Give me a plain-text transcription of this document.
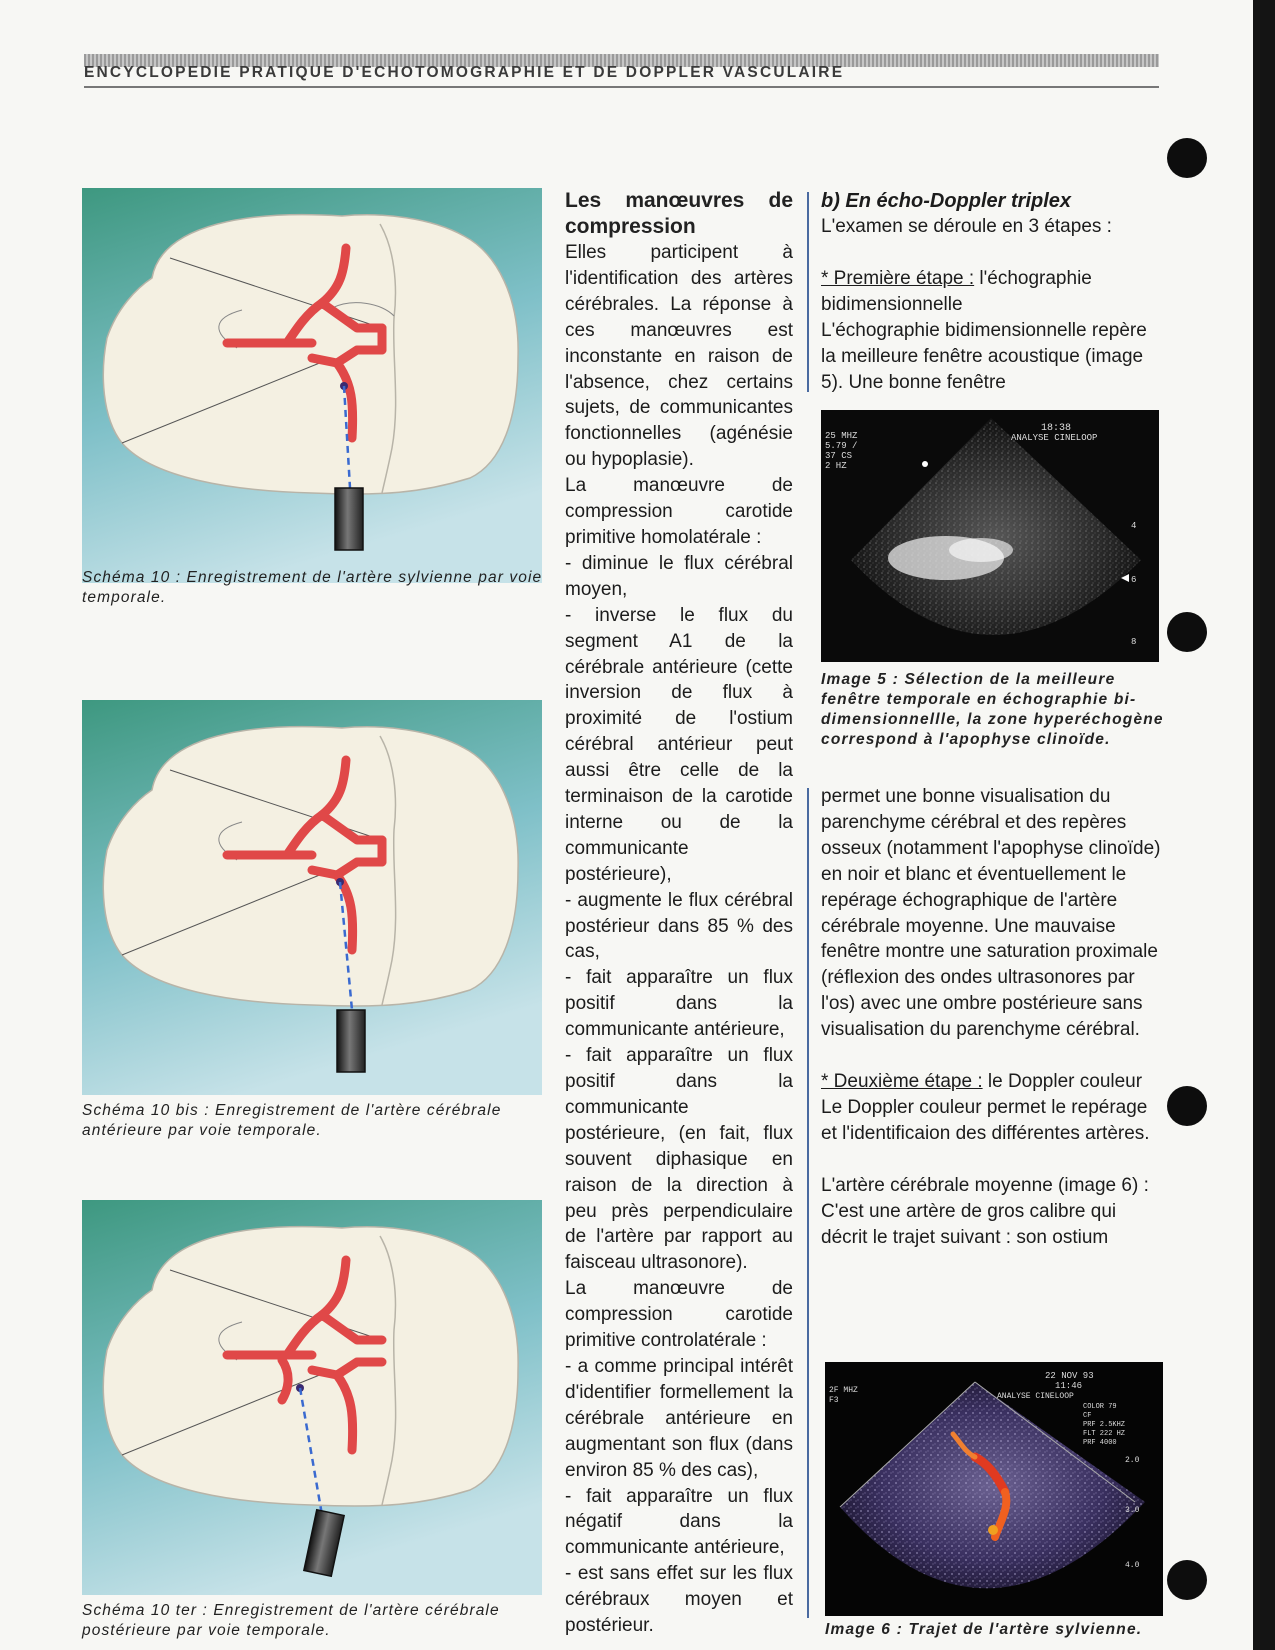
ENCYCLOPEDIE PRATIQUE D'ECHOTOMOGRAPHIE ET DE DOPPLER VASCULAIRE
Schéma 10 : Enregistrement de l'artère sylvienne par voie temporale.
Schéma 10 bis : Enregistrement de l'artère cérébrale antérieure par voie temporale.
Schéma 10 ter : Enregistrement de l'artère cérébrale postérieure par voie temporale.
Les manœuvres de compression

Elles participent à l'identification des artères cérébrales. La réponse à ces manœuvres est inconstante en raison de l'absence, chez certains sujets, de communicantes fonctionnelles (agénésie ou hypoplasie).

La manœuvre de compression carotide primitive homolatérale :

- diminue le flux cérébral moyen,

- inverse le flux du segment A1 de la cérébrale antérieure (cette inversion de flux à proximité de l'ostium cérébral antérieur peut aussi être celle de la terminaison de la carotide interne ou de la communicante postérieure),

- augmente le flux cérébral postérieur dans 85 % des cas,

- fait apparaître un flux positif dans la communicante antérieure,

- fait apparaître un flux positif dans la communicante postérieure, (en fait, flux souvent diphasique en raison de la direction à peu près perpendiculaire de l'artère par rapport au faisceau ultrasonore).

La manœuvre de compression carotide primitive controlatérale :

- a comme principal intérêt d'identifier formellement la cérébrale antérieure en augmentant son flux (dans environ 85 % des cas),

- fait apparaître un flux négatif dans la communicante antérieure,

- est sans effet sur les flux cérébraux moyen et postérieur.

b) En écho-Doppler triplex

L'examen se déroule en 3 étapes :

* Première étape : l'échographie bidimensionnelle

L'échographie bidimensionnelle repère la meilleure fenêtre acoustique (image 5). Une bonne fenêtre

18:38
ANALYSE CINELOOP
25 MHZ
5.79 /
37 CS
2 HZ
4
6
8
Image 5 : Sélection de la meilleure fenêtre temporale en échographie bi-dimensionnellle, la zone hyperéchogène correspond à l'apophyse clinoïde.

permet une bonne visualisation du parenchyme cérébral et des repères osseux (notamment l'apophyse clinoïde) en noir et blanc et éventuellement le repérage échographique de l'artère cérébrale moyenne. Une mauvaise fenêtre montre une saturation proximale (réflexion des ondes ultrasonores par l'os) avec une ombre postérieure sans visualisation du parenchyme cérébral.

* Deuxième étape : le Doppler couleur

Le Doppler couleur permet le repérage et l'identificaion des différentes artères.

L'artère cérébrale moyenne (image 6) :

C'est une artère de gros calibre qui décrit le trajet suivant : son ostium

22 NOV 93
11:46
ANALYSE CINELOOP
COLOR 79
CF
PRF 2.5KHZ
FLT 222 HZ
PRF 4000
2F MHZ
F3
2.0
3.0
4.0
Image 6 : Trajet de l'artère sylvienne.
